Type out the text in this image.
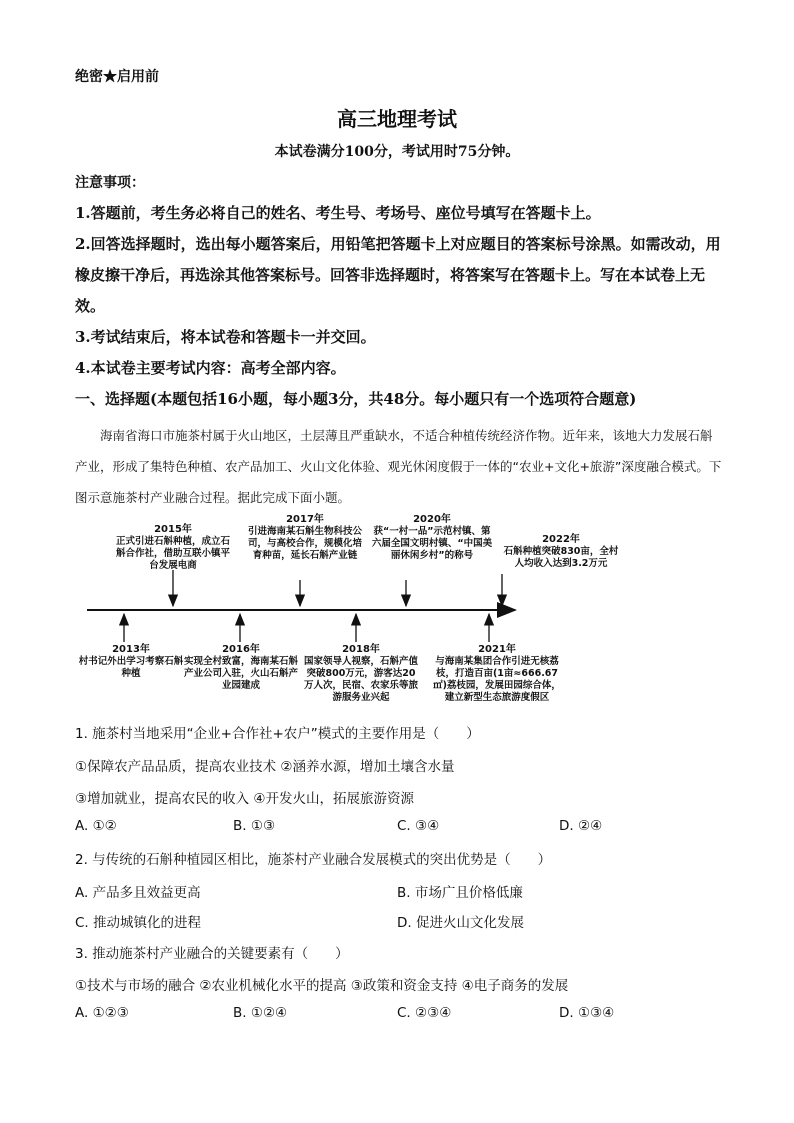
绝密★启用前
高三地理考试
本试卷满分100分，考试用时75分钟。
注意事项：
1.答题前，考生务必将自己的姓名、考生号、考场号、座位号填写在答题卡上。
2.回答选择题时，选出每小题答案后，用铅笔把答题卡上对应题目的答案标号涂黑。如需改动，用橡皮擦干净后，再选涂其他答案标号。回答非选择题时，将答案写在答题卡上。写在本试卷上无效。
3.考试结束后，将本试卷和答题卡一并交回。
4.本试卷主要考试内容：高考全部内容。
一、选择题(本题包括16小题，每小题3分，共48分。每小题只有一个选项符合题意)
海南省海口市施茶村属于火山地区，土层薄且严重缺水，不适合种植传统经济作物。近年来，该地大力发展石斛产业，形成了集特色种植、农产品加工、火山文化体验、观光休闲度假于一体的“农业+文化+旅游”深度融合模式。下图示意施茶村产业融合过程。据此完成下面小题。
2015年
正式引进石斛种植，成立石斛合作社，借助互联小镇平台发展电商
2017年
引进海南某石斛生物科技公司，与高校合作，规模化培育种苗，延长石斛产业链
2020年
获“一村一品”示范村镇、第六届全国文明村镇、“中国美丽休闲乡村”的称号
2022年
石斛种植突破830亩，全村人均收入达到3.2万元
2013年
村书记外出学习考察石斛种植
2016年
实现全村致富，海南某石斛产业公司入驻，火山石斛产业园建成
2018年
国家领导人视察，石斛产值突破800万元，游客达20万人次，民宿、农家乐等旅游服务业兴起
2021年
与海南某集团合作引进无核荔枝，打造百亩(1亩≈666.67㎡)荔枝园，发展田园综合体，建立新型生态旅游度假区
1. 施茶村当地采用“企业+合作社+农户”模式的主要作用是（　　）
①保障农产品品质，提高农业技术 ②涵养水源，增加土壤含水量
③增加就业，提高农民的收入 ④开发火山，拓展旅游资源
A. ①②	B. ①③	C. ③④	D. ②④
2. 与传统的石斛种植园区相比，施茶村产业融合发展模式的突出优势是（　　）
A. 产品多且效益更高	B. 市场广且价格低廉
C. 推动城镇化的进程	D. 促进火山文化发展
3. 推动施茶村产业融合的关键要素有（　　）
①技术与市场的融合 ②农业机械化水平的提高 ③政策和资金支持 ④电子商务的发展
A. ①②③	B. ①②④	C. ②③④	D. ①③④
